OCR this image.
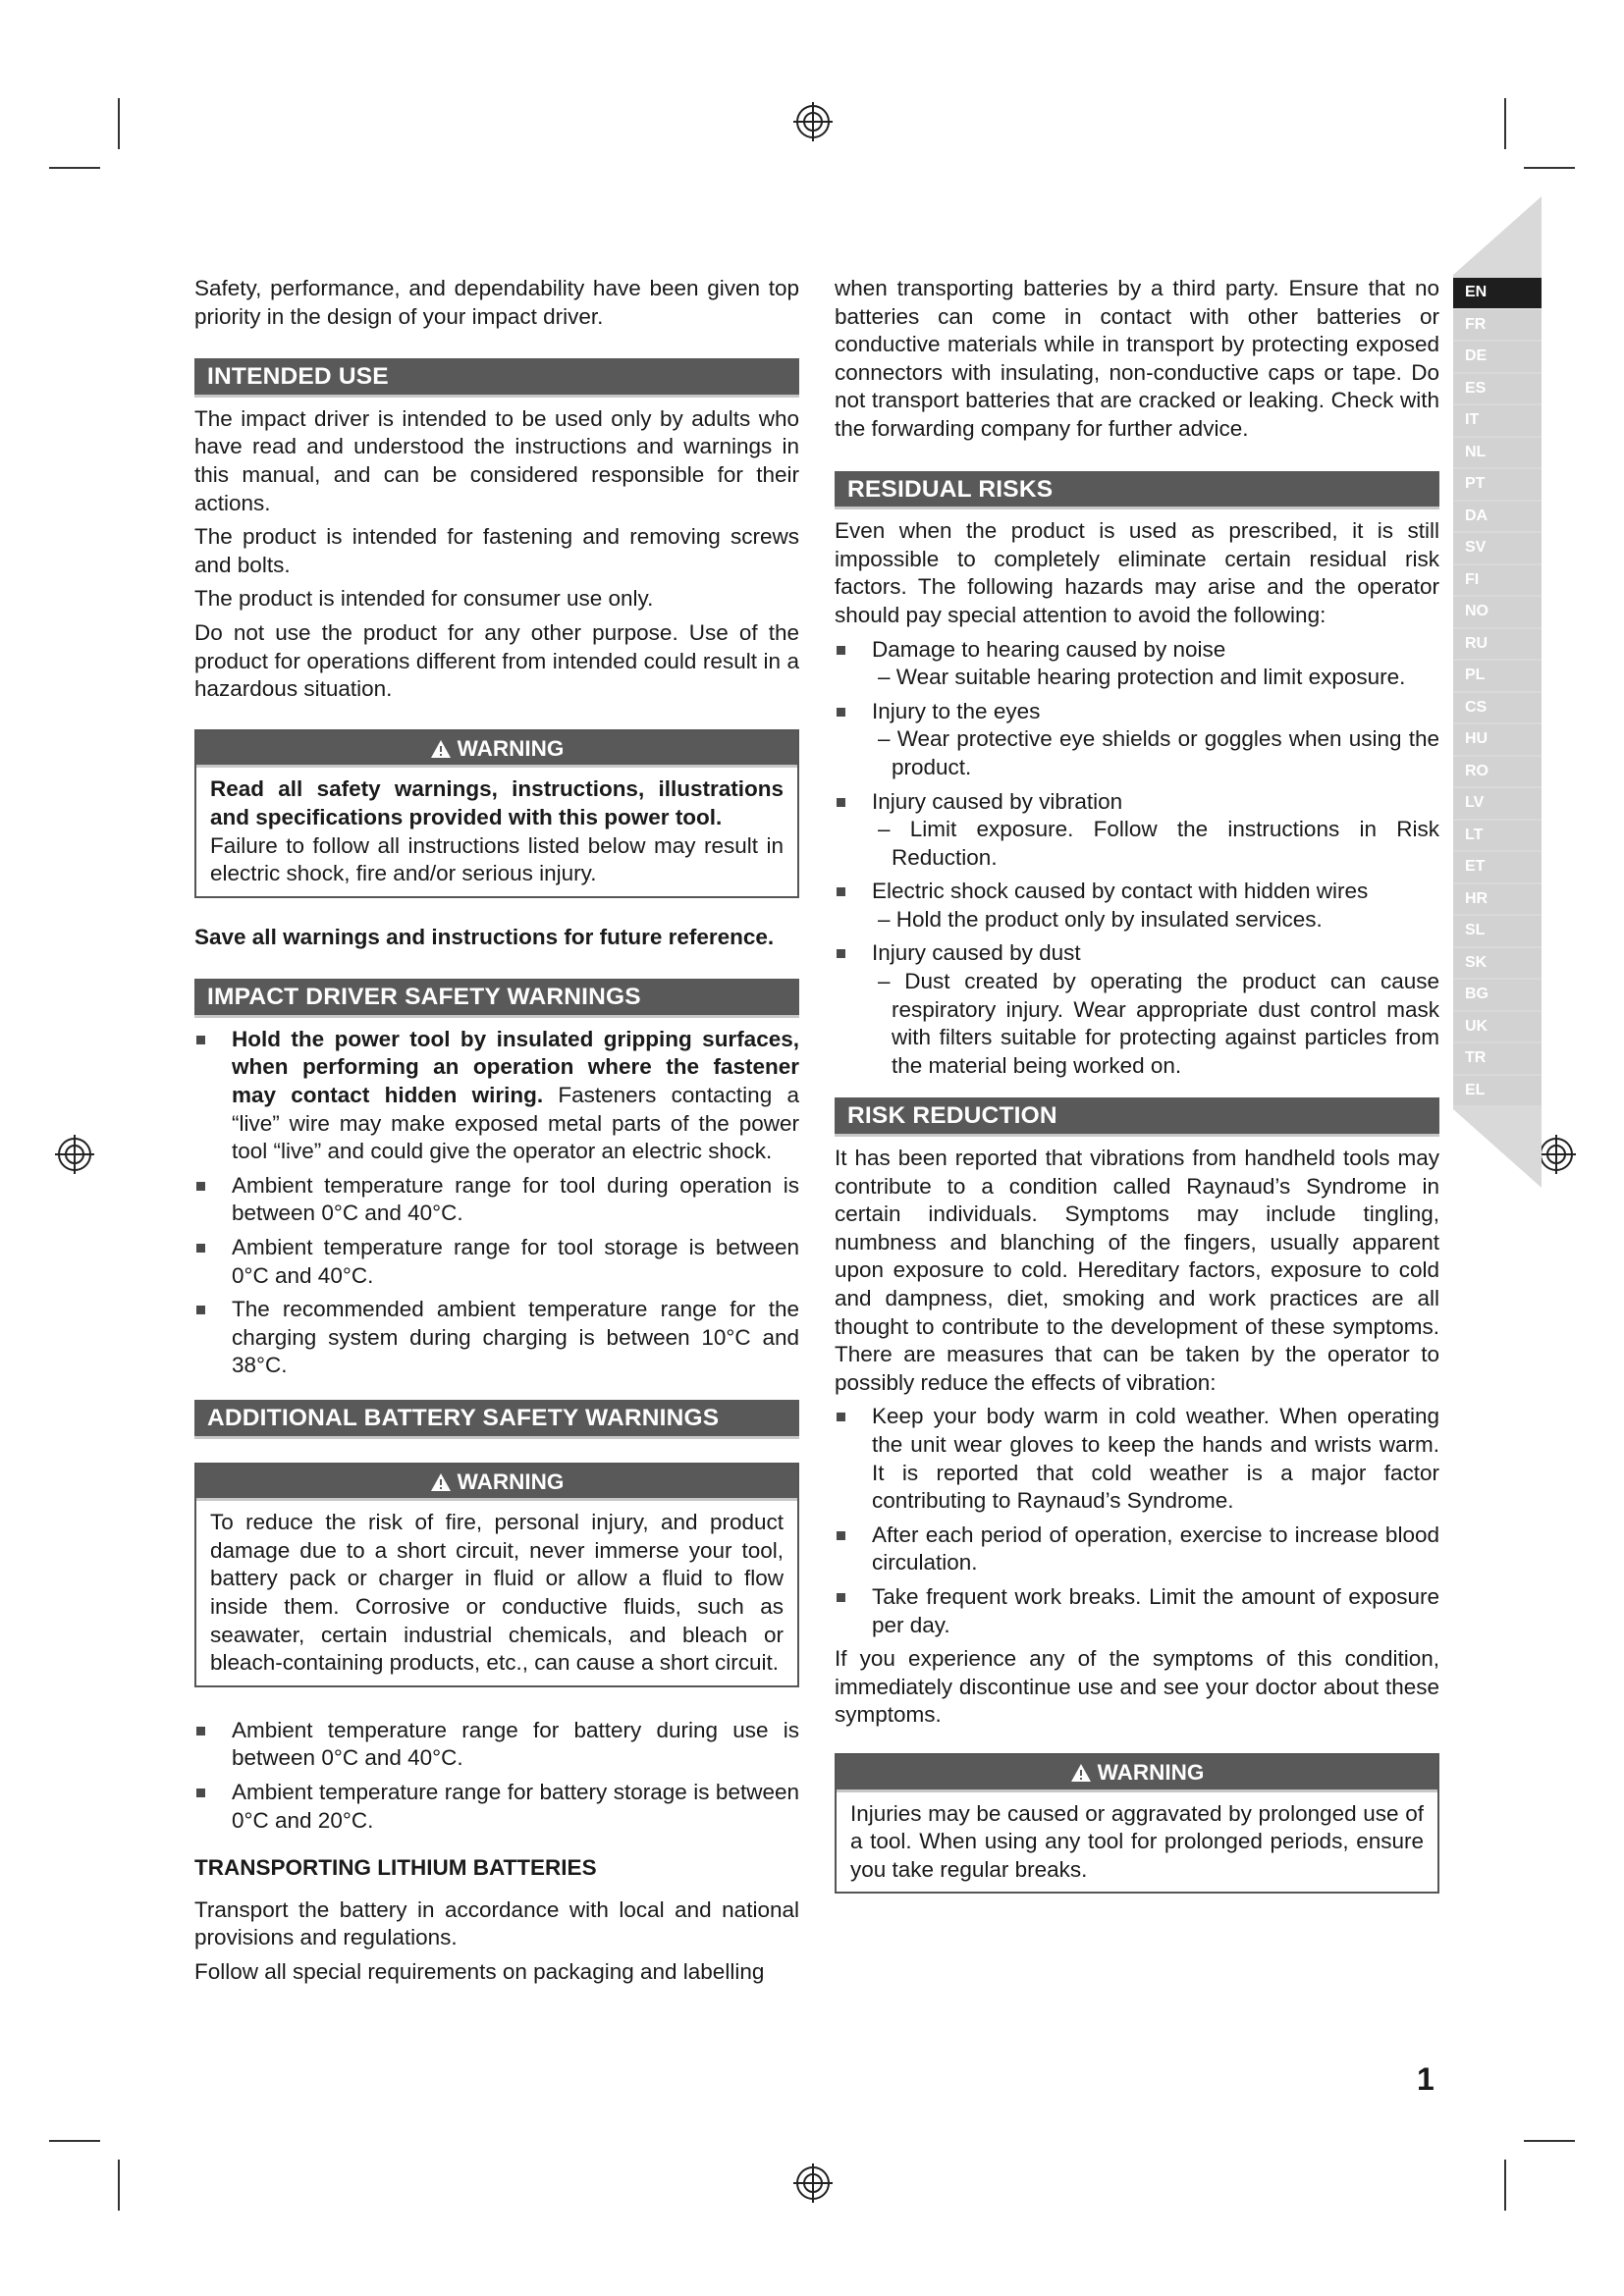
EN
FR
DE
ES
IT
NL
PT
DA
SV
FI
NO
RU
PL
CS
HU
RO
LV
LT
ET
HR
SL
SK
BG
UK
TR
EL

Safety, performance, and dependability have been given top priority in the design of your impact driver.

INTENDED USE

The impact driver is intended to be used only by adults who have read and understood the instructions and warnings in this manual, and can be considered responsible for their actions.

The product is intended for fastening and removing screws and bolts.

The product is intended for consumer use only.

Do not use the product for any other purpose. Use of the product for operations different from intended could result in a hazardous situation.

WARNING

Read all safety warnings, instructions, illustrations and specifications provided with this power tool.

Failure to follow all instructions listed below may result in electric shock, fire and/or serious injury.

Save all warnings and instructions for future reference.

IMPACT DRIVER SAFETY WARNINGS
Hold the power tool by insulated gripping surfaces, when performing an operation where the fastener may contact hidden wiring. Fasteners contacting a “live” wire may make exposed metal parts of the power tool “live” and could give the operator an electric shock.
Ambient temperature range for tool during operation is between 0°C and 40°C.
Ambient temperature range for tool storage is between 0°C and 40°C.
The recommended ambient temperature range for the charging system during charging is between 10°C and 38°C.
ADDITIONAL BATTERY SAFETY WARNINGS
WARNING

To reduce the risk of fire, personal injury, and product damage due to a short circuit, never immerse your tool, battery pack or charger in fluid or allow a fluid to flow inside them. Corrosive or conductive fluids, such as seawater, certain industrial chemicals, and bleach or bleach-containing products, etc., can cause a short circuit.

Ambient temperature range for battery during use is between 0°C and 40°C.
Ambient temperature range for battery storage is between 0°C and 20°C.
TRANSPORTING LITHIUM BATTERIES

Transport the battery in accordance with local and national provisions and regulations.

Follow all special requirements on packaging and labelling

when transporting batteries by a third party. Ensure that no batteries can come in contact with other batteries or conductive materials while in transport by protecting exposed connectors with insulating, non-conductive caps or tape. Do not transport batteries that are cracked or leaking. Check with the forwarding company for further advice.

RESIDUAL RISKS

Even when the product is used as prescribed, it is still impossible to completely eliminate certain residual risk factors. The following hazards may arise and the operator should pay special attention to avoid the following:

Damage to hearing caused by noise
– Wear suitable hearing protection and limit exposure.
Injury to the eyes
– Wear protective eye shields or goggles when using the product.
Injury caused by vibration
– Limit exposure. Follow the instructions in Risk Reduction.
Electric shock caused by contact with hidden wires
– Hold the product only by insulated services.
Injury caused by dust
– Dust created by operating the product can cause respiratory injury. Wear appropriate dust control mask with filters suitable for protecting against particles from the material being worked on.
RISK REDUCTION

It has been reported that vibrations from handheld tools may contribute to a condition called Raynaud’s Syndrome in certain individuals. Symptoms may include tingling, numbness and blanching of the fingers, usually apparent upon exposure to cold. Hereditary factors, exposure to cold and dampness, diet, smoking and work practices are all thought to contribute to the development of these symptoms. There are measures that can be taken by the operator to possibly reduce the effects of vibration:

Keep your body warm in cold weather. When operating the unit wear gloves to keep the hands and wrists warm. It is reported that cold weather is a major factor contributing to Raynaud’s Syndrome.
After each period of operation, exercise to increase blood circulation.
Take frequent work breaks. Limit the amount of exposure per day.

If you experience any of the symptoms of this condition, immediately discontinue use and see your doctor about these symptoms.

WARNING

Injuries may be caused or aggravated by prolonged use of a tool. When using any tool for prolonged periods, ensure you take regular breaks.

1
